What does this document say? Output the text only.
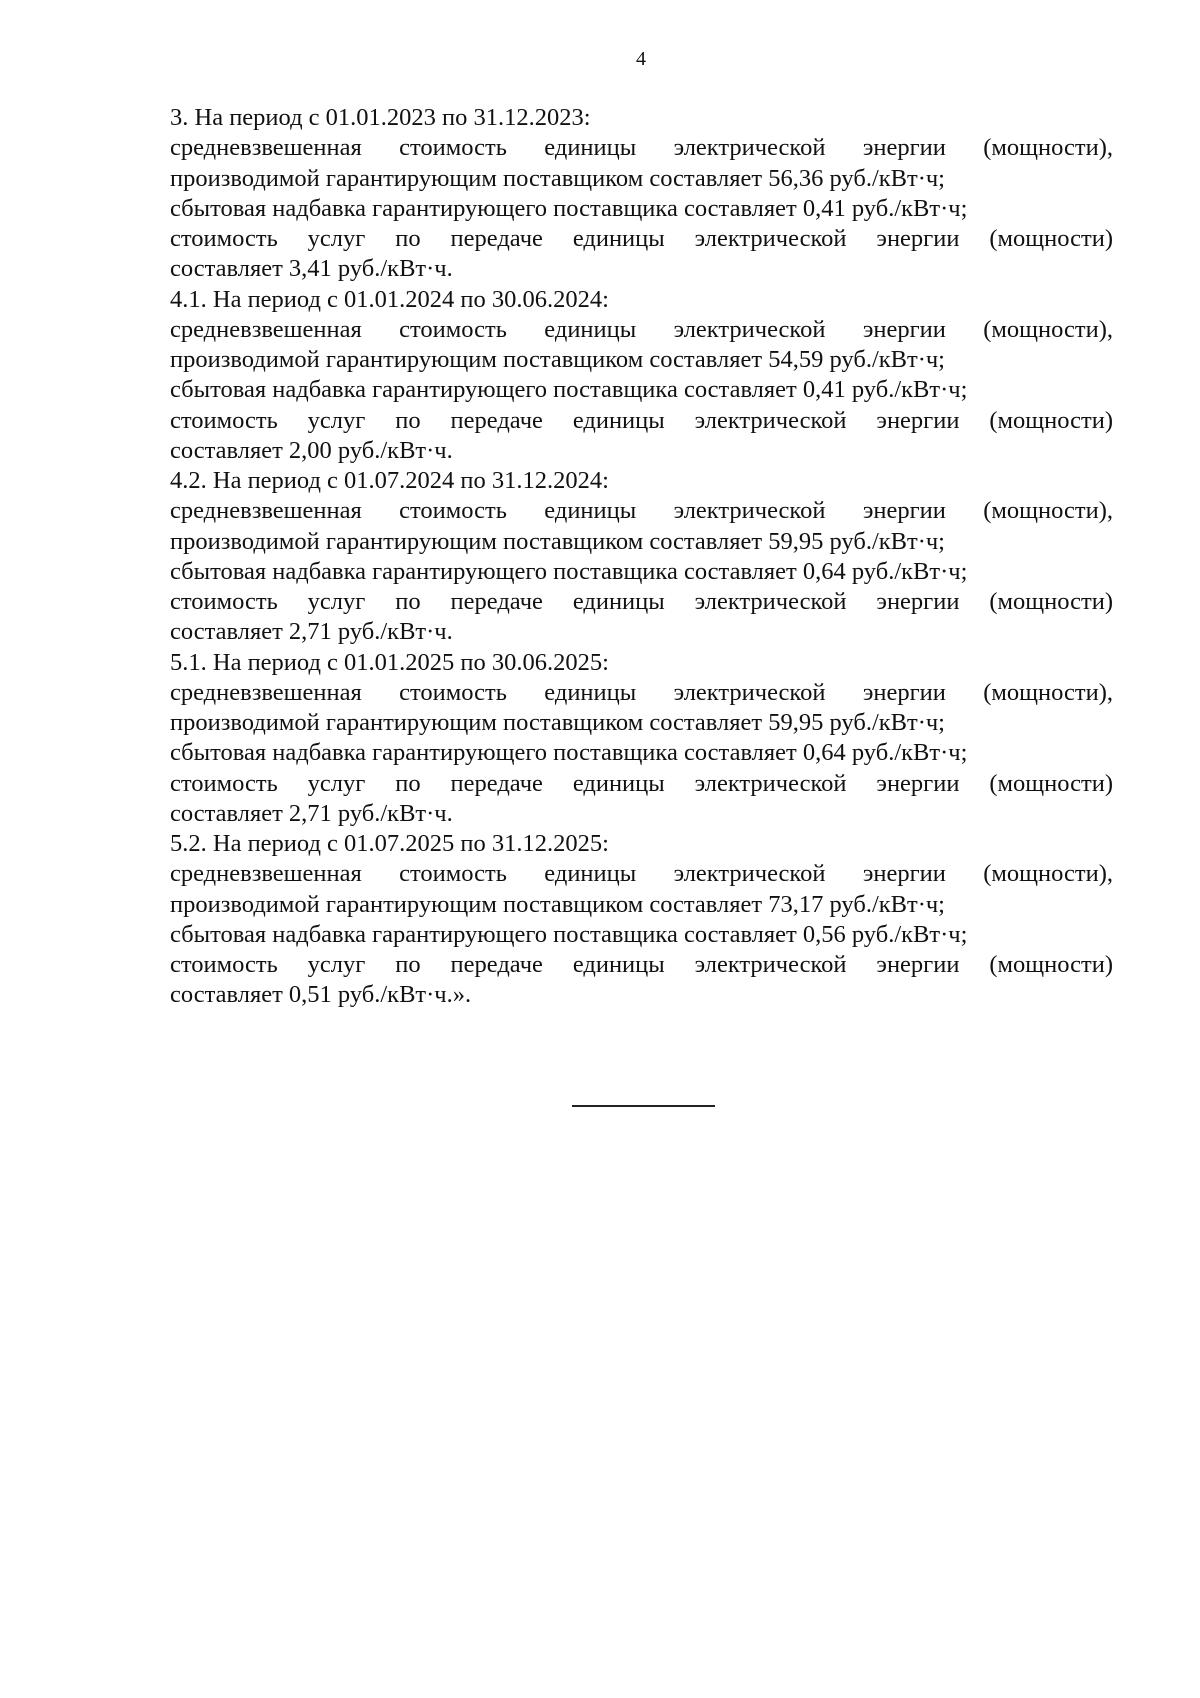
4
3. На период с 01.01.2023 по 31.12.2023:
средневзвешенная стоимость единицы электрической энергии (мощности),
производимой гарантирующим поставщиком составляет 56,36 руб./кВт·ч;
сбытовая надбавка гарантирующего поставщика составляет 0,41 руб./кВт·ч;
стоимость услуг по передаче единицы электрической энергии (мощности)
составляет 3,41 руб./кВт·ч.
4.1. На период с 01.01.2024 по 30.06.2024:
средневзвешенная стоимость единицы электрической энергии (мощности),
производимой гарантирующим поставщиком составляет 54,59 руб./кВт·ч;
сбытовая надбавка гарантирующего поставщика составляет 0,41 руб./кВт·ч;
стоимость услуг по передаче единицы электрической энергии (мощности)
составляет 2,00 руб./кВт·ч.
4.2. На период с 01.07.2024 по 31.12.2024:
средневзвешенная стоимость единицы электрической энергии (мощности),
производимой гарантирующим поставщиком составляет 59,95 руб./кВт·ч;
сбытовая надбавка гарантирующего поставщика составляет 0,64 руб./кВт·ч;
стоимость услуг по передаче единицы электрической энергии (мощности)
составляет 2,71 руб./кВт·ч.
5.1. На период с 01.01.2025 по 30.06.2025:
средневзвешенная стоимость единицы электрической энергии (мощности),
производимой гарантирующим поставщиком составляет 59,95 руб./кВт·ч;
сбытовая надбавка гарантирующего поставщика составляет 0,64 руб./кВт·ч;
стоимость услуг по передаче единицы электрической энергии (мощности)
составляет 2,71 руб./кВт·ч.
5.2. На период с 01.07.2025 по 31.12.2025:
средневзвешенная стоимость единицы электрической энергии (мощности),
производимой гарантирующим поставщиком составляет 73,17 руб./кВт·ч;
сбытовая надбавка гарантирующего поставщика составляет 0,56 руб./кВт·ч;
стоимость услуг по передаче единицы электрической энергии (мощности)
составляет 0,51 руб./кВт·ч.».
